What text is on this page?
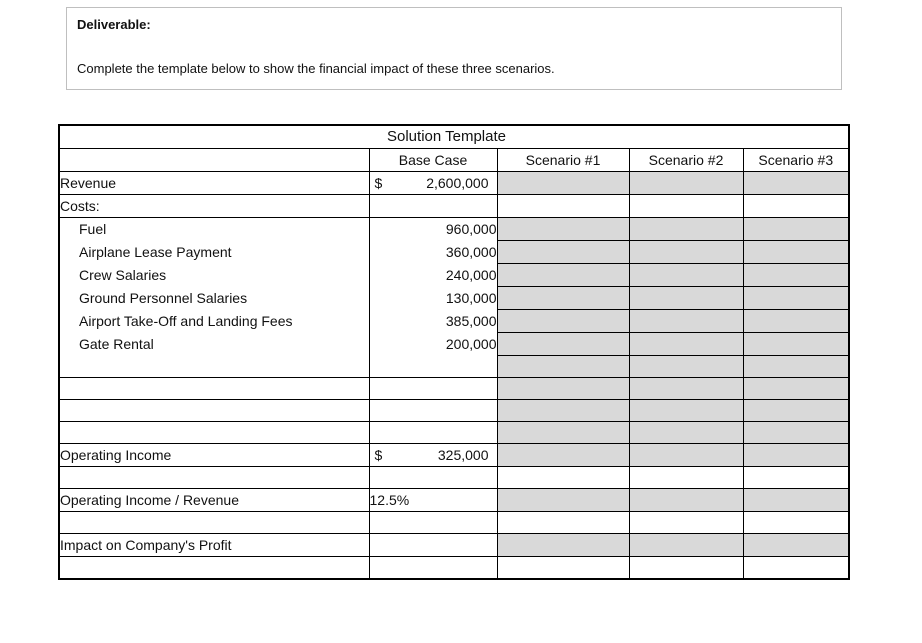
Deliverable:
Complete the template below to show the financial impact of these three scenarios.
	Solution Template			
	Base Case	Scenario #1	Scenario #2	Scenario #3
Revenue	$ 2,600,000			

Costs:				
Fuel	960,000			
Airplane Lease Payment	360,000			
Crew Salaries	240,000			
Ground Personnel Salaries	130,000			
Airport Take-Off and Landing Fees	385,000			
Gate Rental	200,000			

Operating Income	$ 325,000			

Operating Income / Revenue	12.5%			

Impact on Company's Profit				
